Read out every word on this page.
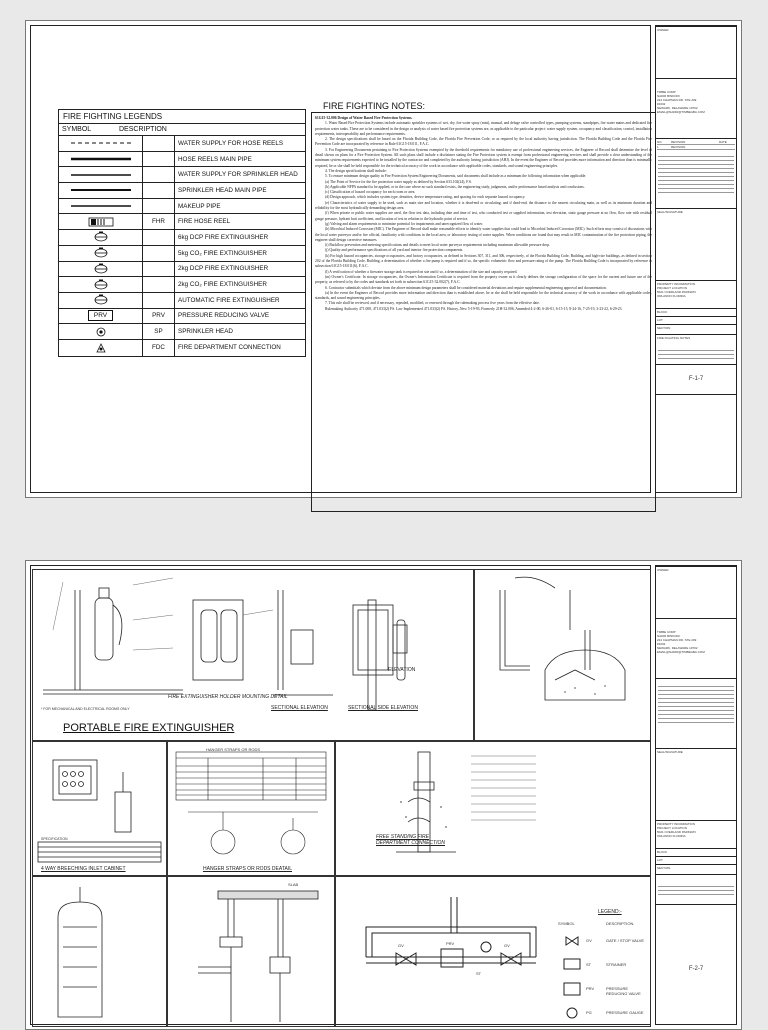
FIRE FIGHTING LEGENDS
SYMBOL	DESCRIPTION
WATER SUPPLY FOR HOSE REELS
HOSE REELS MAIN PIPE
WATER SUPPLY FOR SPRINKLER HEAD
SPRINKLER HEAD MAIN PIPE
MAKEUP PIPE
FHR	FIRE HOSE REEL
6kg DCP FIRE EXTINGUISHER
5kg CO₂ FIRE EXTINGUISHER
2kg DCP FIRE EXTINGUISHER
2kg CO₂ FIRE EXTINGUISHER
AUTOMATIC FIRE EXTINGUISHER
PRV	PRV	PRESSURE REDUCING VALVE
SP	SPRINKLER HEAD
FDC	FIRE DEPARTMENT CONNECTION
FIRE FIGHTING NOTES:

61G15-32.006 Design of Water Based Fire Protection Systems.

1. Water Based Fire Protection Systems include automatic sprinkler systems of wet, dry, fire water spray (mist), manual, and deluge valve controlled types, pumping systems, standpipes, fire water mains and dedicated fire protection water tanks. These are to be considered in the design or analysis of water based fire protection systems are, as applicable to the particular project: water supply system, occupancy and classification, control, installation requirements, interoperability and performance requirements.

2. The design specifications shall be based on the Florida Building Code, the Florida Fire Prevention Code, or as required by the local authority having jurisdiction. The Florida Building Code and the Florida Fire Prevention Code are incorporated by reference in Rule 61G15-18.011, F.A.C.

3. For Engineering Documents pertaining to Fire Protection Systems exempted by the threshold requirements for mandatory use of professional engineering services, the Engineer of Record shall determine the level of detail shown on plans for a Fire Protection System. All such plans shall include a disclaimer stating the Fire Protection system is exempt from professional engineering services and shall provide a clear understanding of the minimum system requirements expected to be installed by the contractor and completed by the authority having jurisdiction (AHJ). In the event the Engineer of Record provides more information and direction than is minimally required, he or she shall be held responsible for the technical accuracy of the work in accordance with applicable codes, standards, and sound engineering principles.

4. The design specifications shall include:

5. To ensure minimum design quality in Fire Protection System Engineering Documents, said documents shall include as a minimum the following information when applicable.

(a) The Point of Service for the fire protection water supply as defined by Section 633.102(24), F.S.

(b) Applicable NFPA standard to be applied, or in the case where no such standard exists, the engineering study, judgments, and/or performance based analysis and conclusions.

(c) Classification of hazard occupancy for each room or area.

(d) Design approach, which includes system type, densities, device temperature rating, and spacing for each separate hazard occupancy.

(e) Characteristics of water supply to be used, such as main size and location, whether it is dead-end or circulating; and if dead-end, the distance to the nearest circulating main, as well as its minimum duration and reliability for the most hydraulically demanding design area.

(f) When private or public water supplies are used, the flow test data, including date and time of test, who conducted test or supplied information, test elevation, static gauge pressure at no flow, flow rate with residual gauge pressure, hydrant butt coefficient, and location of test in relation to the hydraulic point of service.

(g) Valving and alarm requirements to minimize potential for impairments and unrecognized flow of water.

(h) Microbial Induced Corrosion (MIC). The Engineer of Record shall make reasonable efforts to identify water supplies that could lead to Microbial Induced Corrosion (MIC). Such efforts may consist of discussions with the local water purveyor and/or fire official, familiarity with conditions in the local area, or laboratory testing of water supplies. When conditions are found that may result in MIC contamination of the fire protection piping, the engineer shall design corrective measures.

(i) Backflow prevention and metering specifications and details to meet local water purveyor requirements including maximum allowable pressure drop.

(j) Quality and performance specifications of all yard and interior fire protection components.

(k) For high hazard occupancies, storage occupancies, and factory occupancies, as defined in Sections 307, 311, and 306, respectively, of the Florida Building Code, Building, and high-rise buildings, as defined in section 202 of the Florida Building Code, Building, a determination of whether a fire pump is required and if so, the specific volumetric flow and pressure rating of the pump. The Florida Building Code is incorporated by reference in subsection 61G15-18.011(6), F.A.C.

(l) A verification of whether a firewater storage tank is required on site and if so, a determination of the size and capacity required.

(m) Owner's Certificate. In storage occupancies, the Owner's Information Certificate is required from the property owner as it clearly defines the storage configuration of the space for the current and future use of the property, as referred to by the codes and standards set forth in subsection 61G15-32.002(7), F.A.C.

6. Contractor submittals which deviate from the above minimum design parameters shall be considered material deviations and require supplemental engineering approval and documentation.

(a) In the event the Engineer of Record provides more information and direction than is established above, he or she shall be held responsible for the technical accuracy of the work in accordance with applicable codes, standards, and sound engineering principles.

7. This rule shall be reviewed, and if necessary, repealed, modified, or renewed through the rulemaking process five years from the effective date.

Rulemaking Authority 471.008, 471.033(2) FS. Law Implemented 471.033(2) FS. History–New 5-19-93, Formerly 21H-32.006, Amended 4-2-00, 6-26-01, 6-15-15, 8-24-16, 7-25-19, 3-23-22, 6-29-23.

OWNER
TIMBE CORP
NADIR BINKOFF
234 CHAPMAN RD. STE 209
#1632
NEWARK, DELAWARE 19702
EMAIL@NADIR@TIMBEGBA.COM
NO.	REVISION	DATE
1	REVISION
SEAL/SIGNATURE
PROPERTY INFORMATION
PROJECT LOCATION
5021 OVERLAND PARKWAY
ORLANDO FLORIDA
BLOCK
LOT
SECTION
FIRE FIGHTING NOTES
F-1-7
FIRE EXTINGUISHER HOLDER MOUNTING DETAIL
* FOR MECHANICAL AND ELECTRICAL ROOMS ONLY
PORTABLE FIRE EXTINGUISHER
SECTIONAL ELEVATION	SECTIONAL SIDE ELEVATION
ELEVATION
SPECIFICATION
4 WAY BREECHING INLET CABINET
HANGER STRAPS OR RODS
HANGER STRAPS OR RODS DEATAIL
FREE STANDING FIRE DEPARTMENT CONNECTION
SLAB
GV	PRV	GV
ST
LEGEND:-
SYMBOL	DESCRIPTION
GV	GATE / STOP VALVE
ST	STRAINER
PRV	PRESSURE REDUCING VALVE
PG	PRESSURE GAUGE
OWNER
TIMBE CORP
NADIR BINKOFF
234 CHAPMAN RD. STE 209
#1632
NEWARK, DELAWARE 19702
EMAIL@NADIR@TIMBEGBA.COM
SEAL/SIGNATURE
PROPERTY INFORMATION
PROJECT LOCATION
5021 OVERLAND PARKWAY
ORLANDO FLORIDA
BLOCK
LOT
SECTION
F-2-7
